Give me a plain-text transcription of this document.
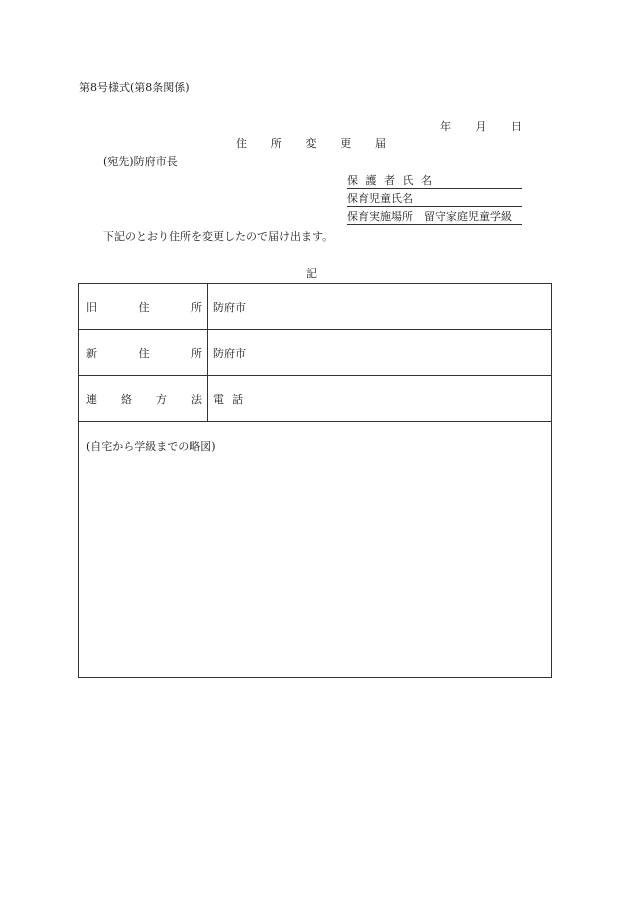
第8号様式(第8条関係)
年 月 日
住 所 変 更 届
(宛先)防府市長
保 護 者 氏 名
保育児童氏名
保育実施場所　留守家庭児童学級
下記のとおり住所を変更したので届け出ます。
記
旧	住	所 防府市
新	住	所 防府市
連 絡 方 法 電話
(自宅から学級までの略図)
